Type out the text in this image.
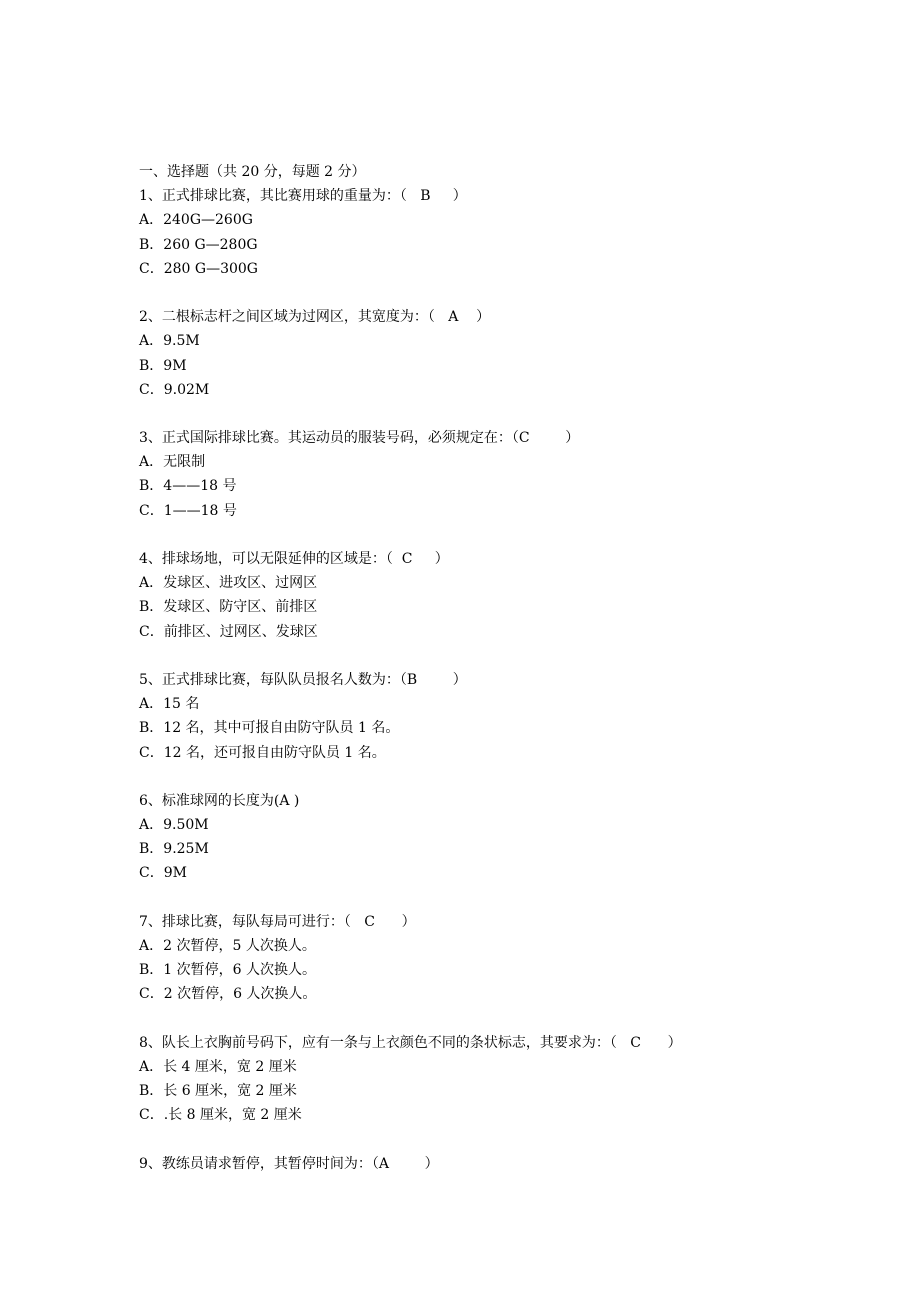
一、选择题（共 20 分，每题 2 分）

1、正式排球比赛，其比赛用球的重量为：（   B     ）

A．240G—260G

B．260 G—280G

C．280 G—300G

2、二根标志杆之间区域为过网区，其宽度为：（   A    ）

A．9.5M

B．9M

C．9.02M

3、正式国际排球比赛。其运动员的服装号码，必须规定在：（C        ）

A．无限制

B．4——18 号

C．1——18 号

4、排球场地，可以无限延伸的区域是：（  C     ）

A．发球区、进攻区、过网区

B．发球区、防守区、前排区

C．前排区、过网区、发球区

5、正式排球比赛，每队队员报名人数为：（B        ）

A．15 名

B．12 名，其中可报自由防守队员 1 名。

C．12 名，还可报自由防守队员 1 名。

6、标准球网的长度为(A )

A．9.50M

B．9.25M

C．9M

7、排球比赛，每队每局可进行：（   C      ）

A．2 次暂停，5 人次换人。

B．1 次暂停，6 人次换人。

C．2 次暂停，6 人次换人。

8、队长上衣胸前号码下，应有一条与上衣颜色不同的条状标志，其要求为：（   C      ）

A．长 4 厘米，宽 2 厘米

B．长 6 厘米，宽 2 厘米

C．.长 8 厘米，宽 2 厘米

9、教练员请求暂停，其暂停时间为：（A        ）
